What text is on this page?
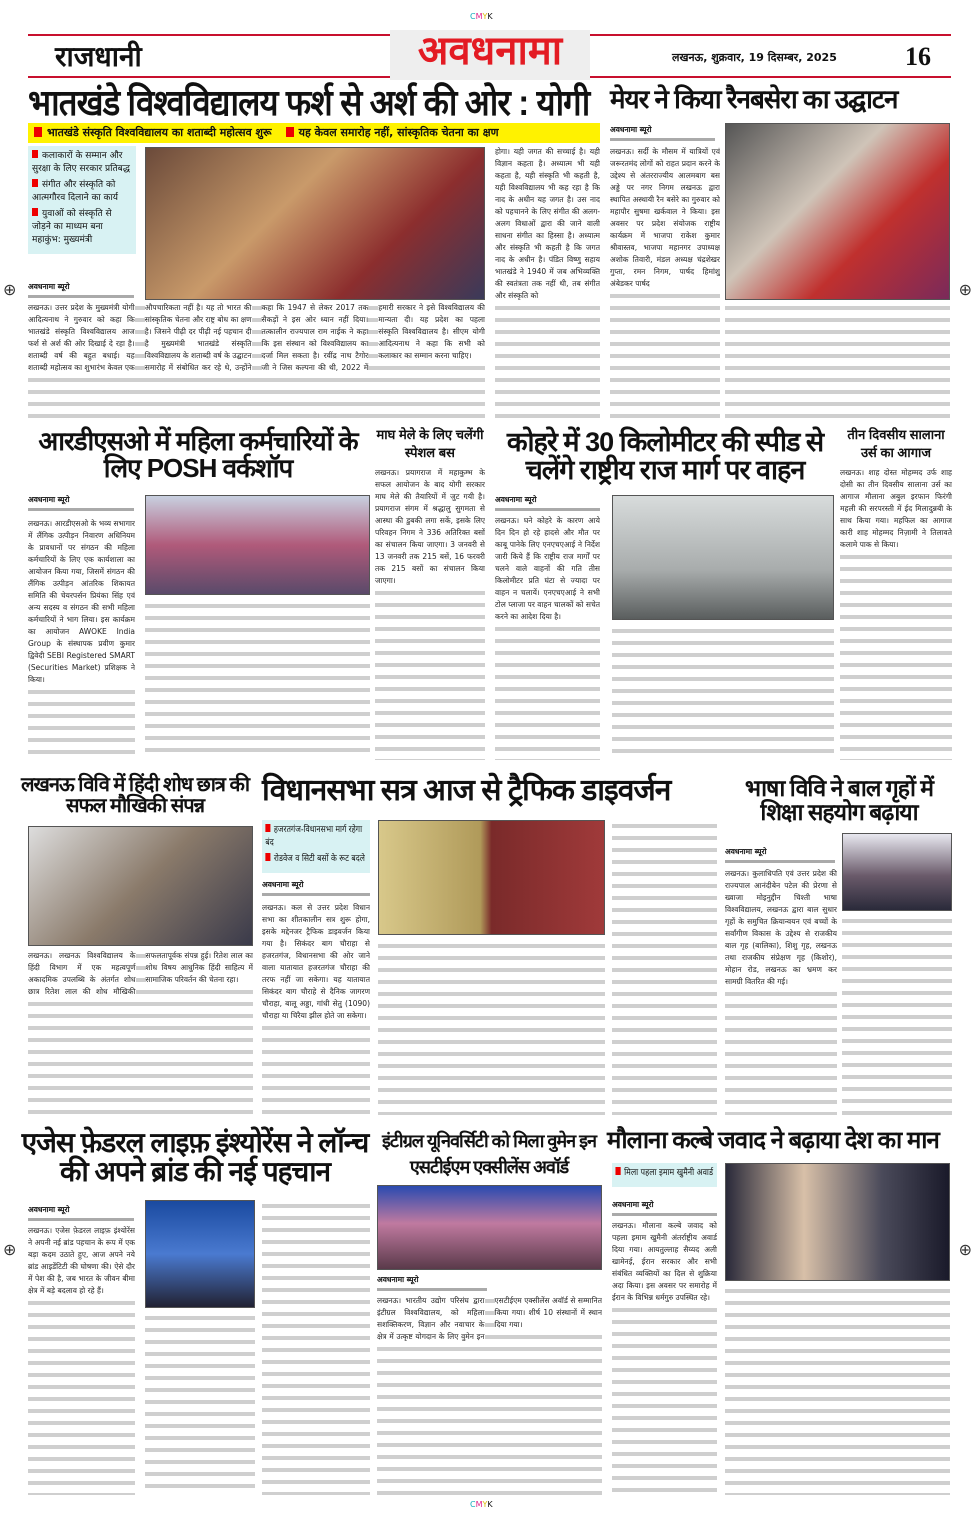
CMYK
CMYK
⊕	⊕
⊕	⊕
राजधानी	अवधनामा	लखनऊ, शुक्रवार, 19 दिसम्बर, 2025	16
भातखंडे विश्वविद्यालय फर्श से अर्श की ओर : योगी
भातखंडे संस्कृति विश्वविद्यालय का शताब्दी महोत्सव शुरू	यह केवल समारोह नहीं, सांस्कृतिक चेतना का क्षण
कलाकारों के सम्मान और सुरक्षा के लिए सरकार प्रतिबद्ध
संगीत और संस्कृति को आत्मगौरव दिलाने का कार्य
युवाओं को संस्कृति से जोड़ने का माध्यम बना महाकुंभ: मुख्यमंत्री
अवधनामा ब्यूरो

लखनऊ। उत्तर प्रदेश के मुख्यमंत्री योगी आदित्यनाथ ने गुरुवार को कहा कि भातखंडे संस्कृति विश्वविद्यालय आज फर्श से अर्श की ओर दिखाई दे रहा है। शताब्दी वर्ष की बहुत बधाई। यह शताब्दी महोत्सव का शुभारंभ केवल एक औपचारिकता नहीं है। यह तो भारत की सांस्कृतिक चेतना और राष्ट्र बोध का क्षण है। जिसने पीढ़ी दर पीढ़ी नई पहचान दी है मुख्यमंत्री भातखंडे संस्कृति विश्वविद्यालय के शताब्दी वर्ष के उद्घाटन समारोह में संबोधित कर रहे थे, उन्होंने कहा कि 1947 से लेकर 2017 तक सैकड़ों ने इस ओर ध्यान नहीं दिया। तत्कालीन राज्यपाल राम नाईक ने कहा कि इस संस्थान को विश्वविद्यालय का दर्जा मिल सकता है। रवींद्र नाथ टैगोर जी ने जिस कल्पना की थी, 2022 में हमारी सरकार ने इसे विश्वविद्यालय की मान्यता दी। यह प्रदेश का पहला संस्कृति विश्वविद्यालय है। सीएम योगी आदित्यनाथ ने कहा कि सभी को कलाकार का सम्मान करना चाहिए।

होगा। यही जगत की सच्चाई है। यही विज्ञान कहता है। अध्यात्म भी यही कहता है, यही संस्कृति भी कहती है, यही विश्वविद्यालय भी कह रहा है कि नाद के अधीन यह जगत है। उस नाद को पहचानने के लिए संगीत की अलग-अलग विधाओं द्वारा की जाने वाली साधना संगीत का हिस्सा है। अध्यात्म और संस्कृति भी कहती है कि जगत नाद के अधीन है। पंडित विष्णु सहाय भातखंडे ने 1940 में जब अभिव्यक्ति की स्वतंत्रता तक नहीं थी, तब संगीत और संस्कृति को

मेयर ने किया रैनबसेरा का उद्घाटन
अवधनामा ब्यूरो

लखनऊ। सर्दी के मौसम में यात्रियों एवं जरूरतमंद लोगों को राहत प्रदान करने के उद्देश्य से अंतरराज्यीय आलमबाग बस अड्डे पर नगर निगम लखनऊ द्वारा स्थापित अस्थायी रैन बसेरे का गुरुवार को महापौर सुषमा खर्कवाल ने किया। इस अवसर पर प्रदेश संयोजक राष्ट्रीय कार्यक्रम में भाजपा राकेश कुमार श्रीवास्तव, भाजपा महानगर उपाध्यक्ष अशोक तिवारी, मंडल अध्यक्ष चंद्रशेखर गुप्ता, रमन निगम, पार्षद हिमांशु अंबेडकर पार्षद

आरडीएसओ में महिला कर्मचारियों के लिए POSH वर्कशॉप
अवधनामा ब्यूरो

लखनऊ। आरडीएसओ के भव्य सभागार में लैंगिक उत्पीड़न निवारण अधिनियम के प्रावधानों पर संगठन की महिला कर्मचारियों के लिए एक कार्यशाला का आयोजन किया गया, जिसमें संगठन की लैंगिक उत्पीड़न आंतरिक शिकायत समिति की चेयरपर्सन प्रियंका सिंह एवं अन्य सदस्य व संगठन की सभी महिला कर्मचारियों ने भाग लिया। इस कार्यक्रम का आयोजन AWOKE India Group के संस्थापक प्रवीण कुमार द्विवेदी SEBI Registered SMART (Securities Market) प्रशिक्षक ने किया।

माघ मेले के लिए चलेंगी स्पेशल बस

लखनऊ। प्रयागराज में महाकुम्भ के सफल आयोजन के बाद योगी सरकार माघ मेले की तैयारियों में जुट गयी है। प्रयागराज संगम में श्रद्धालु सुगमता से आस्था की डुबकी लगा सकें, इसके लिए परिवहन निगम ने 336 अतिरिक्त बसों का संचालन किया जाएगा। 3 जनवरी से 13 जनवरी तक 215 बसें, 16 फरवरी तक 215 बसों का संचालन किया जाएगा।

कोहरे में 30 किलोमीटर की स्पीड से चलेंगे राष्ट्रीय राज मार्ग पर वाहन
अवधनामा ब्यूरो

लखनऊ। घने कोहरे के कारण आये दिन दिन हो रहे हादसे और मौत पर काबू पानेके लिए एनएचएआई ने निर्देश जारी किये हैं कि राष्ट्रीय राज मार्गों पर चलने वाले वाहनों की गति तीस किलोमीटर प्रति घंटा से ज्यादा पर वाहन न चलायें। एनएचएआई ने सभी टोल प्लाजा पर वाहन चालकों को सचेत करने का आदेश दिया है।

तीन दिवसीय सालाना उर्स का आगाज

लखनऊ। शाह दोस्त मोहम्मद उर्फ शाह दोसी का तीन दिवसीय सालाना उर्स का आगाज मौलाना अबुल इरफान फिरंगी महली की सरपरस्ती में ईद मिलादुन्नबी के साथ किया गया। महफिल का आगाज कारी शाह मोहम्मद निज़ामी ने तिलावते कलामे पाक से किया।

लखनऊ विवि में हिंदी शोध छात्र की सफल मौखिकी संपन्न

लखनऊ। लखनऊ विश्वविद्यालय के हिंदी विभाग में एक महत्वपूर्ण अकादमिक उपलब्धि के अंतर्गत शोध छात्र रितेश लाल की शोध मौखिकी सफलतापूर्वक संपन्न हुई। रितेश लाल का शोध विषय आधुनिक हिंदी साहित्य में सामाजिक परिवर्तन की चेतना रहा।

विधानसभा सत्र आज से ट्रैफिक डाइवर्जन
हजरतगंज-विधानसभा मार्ग रहेगा बंद
रोडवेज व सिटी बसों के रूट बदले
अवधनामा ब्यूरो

लखनऊ। कल से उत्तर प्रदेश विधान सभा का शीतकालीन सत्र शुरू होगा, इसके मद्देनजर ट्रैफिक डाइवर्जन किया गया है। सिकंदर बाग चौराहा से हजरतगंज, विधानसभा की ओर जाने वाला यातायात हजरतगंज चौराहा की तरफ नहीं जा सकेगा। यह यातायात सिकंदर बाग चौराहे से दैनिक जागरण चौराहा, बालू अड्डा, गांधी सेतु (1090) चौराहा या चिरैया झील होते जा सकेगा।

भाषा विवि ने बाल गृहों में शिक्षा सहयोग बढ़ाया
अवधनामा ब्यूरो

लखनऊ। कुलाधिपति एवं उत्तर प्रदेश की राज्यपाल आनंदीबेन पटेल की प्रेरणा से ख्वाजा मोइनुद्दीन चिश्ती भाषा विश्वविद्यालय, लखनऊ द्वारा बाल सुधार गृहों के समुचित क्रियान्वयन एवं बच्चों के सर्वांगीण विकास के उद्देश्य से राजकीय बाल गृह (बालिका), शिशु गृह, लखनऊ तथा राजकीय संप्रेक्षण गृह (किशोर), मोहान रोड, लखनऊ का भ्रमण कर सामग्री वितरित की गई।

एजेस फ़ेडरल लाइफ़ इंश्योरेंस ने लॉन्च की अपने ब्रांड की नई पहचान
अवधनामा ब्यूरो

लखनऊ। एजेस फ़ेडरल लाइफ़ इंश्योरेंस ने अपनी नई ब्रांड पहचान के रूप में एक बड़ा कदम उठाते हुए, आज अपने नये ब्रांड आइडेंटिटी की घोषणा की। ऐसे दौर में पेश की है, जब भारत के जीवन बीमा क्षेत्र में बड़े बदलाव हो रहे हैं।

इंटीग्रल यूनिवर्सिटी को मिला वुमेन इन एसटीईएम एक्सीलेंस अवॉर्ड
अवधनामा ब्यूरो

लखनऊ। भारतीय उद्योग परिसंघ द्वारा इंटीग्रल विश्वविद्यालय, को महिला सशक्तिकरण, विज्ञान और नवाचार के क्षेत्र में उत्कृष्ट योगदान के लिए वुमेन इन एसटीईएम एक्सीलेंस अवॉर्ड से सम्मानित किया गया। शीर्ष 10 संस्थानों में स्थान दिया गया।

मौलाना कल्बे जवाद ने बढ़ाया देश का मान
मिला पहला इमाम खुमैनी अवार्ड
अवधनामा ब्यूरो

लखनऊ। मौलाना कल्बे जवाद को पहला इमाम खुमैनी अंतर्राष्ट्रीय अवार्ड दिया गया। आयतुल्लाह सैय्यद अली खामेनई, ईरान सरकार और सभी संबंधित व्यक्तियों का दिल से शुक्रिया अदा किया। इस अवसर पर समारोह में ईरान के विभिन्न धर्मगुरु उपस्थित रहे।
